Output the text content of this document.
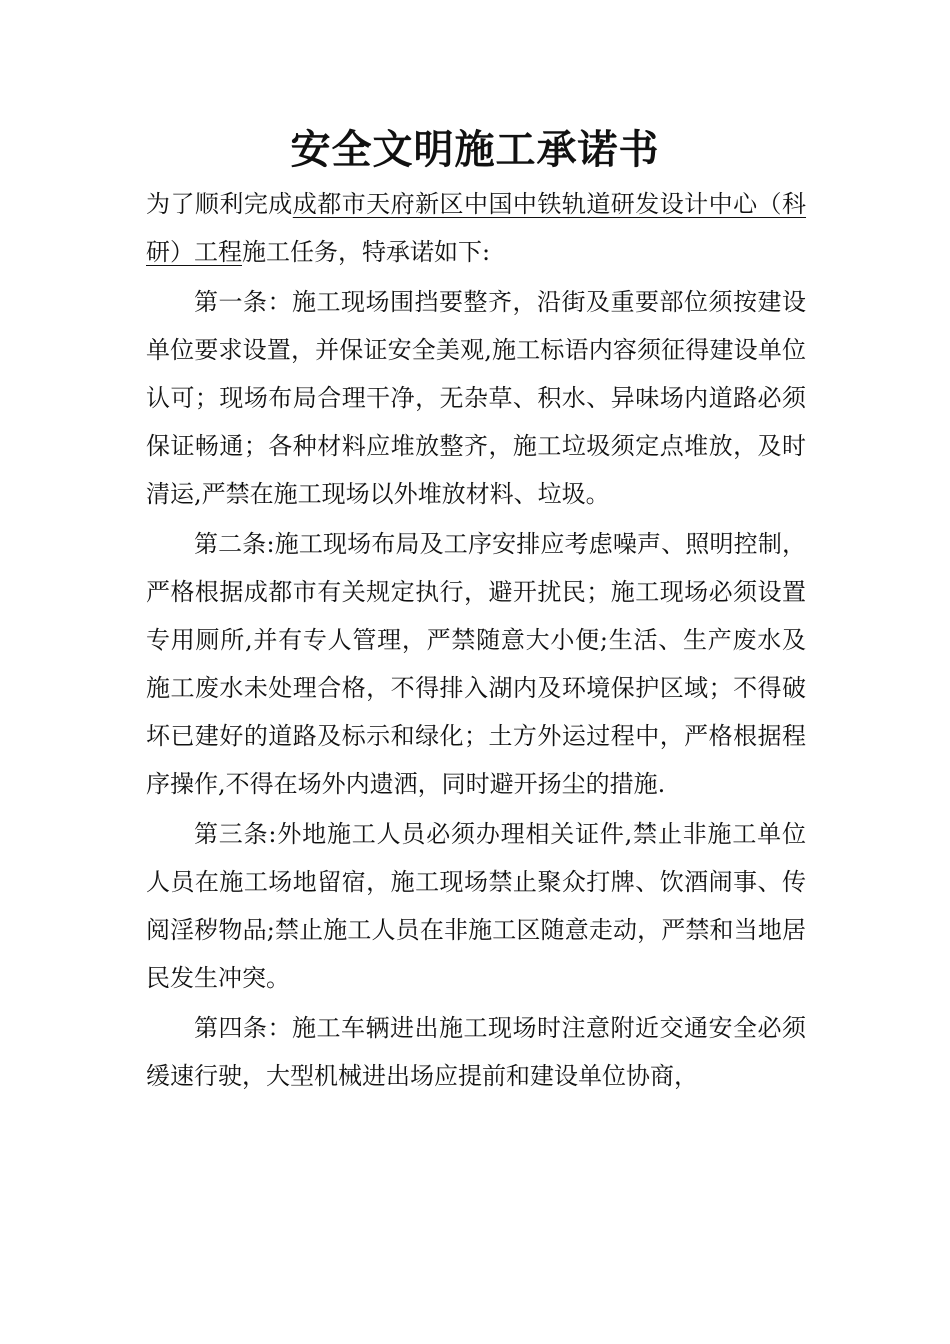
安全文明施工承诺书

为了顺利完成成都市天府新区中国中铁轨道研发设计中心（科研）工程施工任务，特承诺如下:

第一条：施工现场围挡要整齐，沿街及重要部位须按建设单位要求设置，并保证安全美观,施工标语内容须征得建设单位认可；现场布局合理干净，无杂草、积水、异味场内道路必须保证畅通；各种材料应堆放整齐，施工垃圾须定点堆放，及时清运,严禁在施工现场以外堆放材料、垃圾。

第二条:施工现场布局及工序安排应考虑噪声、照明控制，严格根据成都市有关规定执行，避开扰民；施工现场必须设置专用厕所,并有专人管理，严禁随意大小便;生活、生产废水及施工废水未处理合格，不得排入湖内及环境保护区域；不得破坏已建好的道路及标示和绿化；土方外运过程中，严格根据程序操作,不得在场外内遗洒，同时避开扬尘的措施.

第三条:外地施工人员必须办理相关证件,禁止非施工单位人员在施工场地留宿，施工现场禁止聚众打牌、饮酒闹事、传阅淫秽物品;禁止施工人员在非施工区随意走动，严禁和当地居民发生冲突。

第四条：施工车辆进出施工现场时注意附近交通安全必须缓速行驶，大型机械进出场应提前和建设单位协商，
